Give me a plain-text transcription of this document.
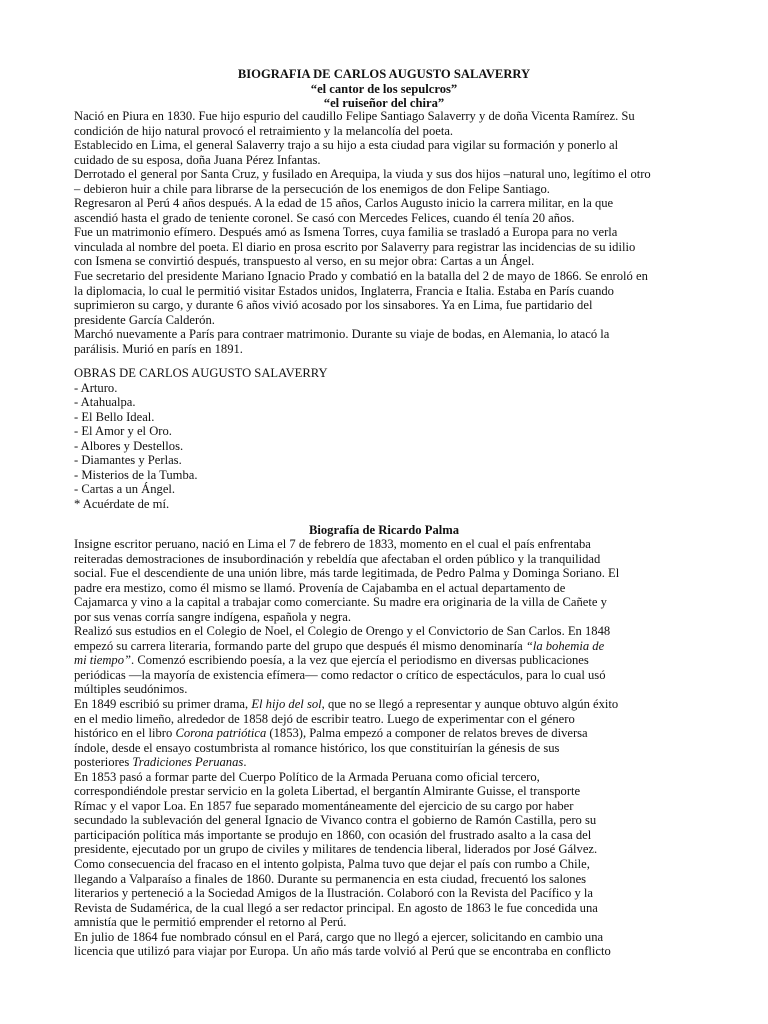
BIOGRAFIA DE CARLOS AUGUSTO SALAVERRY
“el cantor de los sepulcros”
“el ruiseñor del chira”
Nació en Piura en 1830. Fue hijo espurio del caudillo Felipe Santiago Salaverry y de doña Vicenta Ramírez. Su
condición de hijo natural provocó el retraimiento y la melancolía del poeta.
Establecido en Lima, el general Salaverry trajo a su hijo a esta ciudad para vigilar su formación y ponerlo al
cuidado de su esposa, doña Juana Pérez Infantas.
Derrotado el general por Santa Cruz, y fusilado en Arequipa, la viuda y sus dos hijos –natural uno, legítimo el otro
– debieron huir a chile para librarse de la persecución de los enemigos de don Felipe Santiago.
Regresaron al Perú 4 años después. A la edad de 15 años, Carlos Augusto inicio la carrera militar, en la que
ascendió hasta el grado de teniente coronel. Se casó con Mercedes Felices, cuando él tenía 20 años.
Fue un matrimonio efímero. Después amó as Ismena Torres, cuya familia se trasladó a Europa para no verla
vinculada al nombre del poeta. El diario en prosa escrito por Salaverry para registrar las incidencias de su idilio
con Ismena se convirtió después, transpuesto al verso, en su mejor obra: Cartas a un Ángel.
Fue secretario del presidente Mariano Ignacio Prado y combatió en la batalla del 2 de mayo de 1866. Se enroló en
la diplomacia, lo cual le permitió visitar Estados unidos, Inglaterra, Francia e Italia. Estaba en París cuando
suprimieron su cargo, y durante 6 años vivió acosado por los sinsabores. Ya en Lima, fue partidario del
presidente García Calderón.
Marchó nuevamente a París para contraer matrimonio. Durante su viaje de bodas, en Alemania, lo atacó la
parálisis. Murió en parís en 1891.
OBRAS DE CARLOS AUGUSTO SALAVERRY
- Arturo.
- Atahualpa.
- El Bello Ideal.
- El Amor y el Oro.
- Albores y Destellos.
- Diamantes y Perlas.
- Misterios de la Tumba.
- Cartas a un Ángel.
* Acuérdate de mí.
Biografía de Ricardo Palma
Insigne escritor peruano, nació en Lima el 7 de febrero de 1833, momento en el cual el país enfrentaba
reiteradas demostraciones de insubordinación y rebeldía que afectaban el orden público y la tranquilidad
social. Fue el descendiente de una unión libre, más tarde legitimada, de Pedro Palma y Dominga Soriano. El
padre era mestizo, como él mismo se llamó. Provenía de Cajabamba en el actual departamento de
Cajamarca y vino a la capital a trabajar como comerciante. Su madre era originaria de la villa de Cañete y
por sus venas corría sangre indígena, española y negra.
Realizó sus estudios en el Colegio de Noel, el Colegio de Orengo y el Convictorio de San Carlos. En 1848
empezó su carrera literaria, formando parte del grupo que después él mismo denominaría “la bohemia de
mi tiempo”. Comenzó escribiendo poesía, a la vez que ejercía el periodismo en diversas publicaciones
periódicas —la mayoría de existencia efímera— como redactor o crítico de espectáculos, para lo cual usó
múltiples seudónimos.
En 1849 escribió su primer drama, El hijo del sol, que no se llegó a representar y aunque obtuvo algún éxito
en el medio limeño, alrededor de 1858 dejó de escribir teatro. Luego de experimentar con el género
histórico en el libro Corona patriótica (1853), Palma empezó a componer de relatos breves de diversa
índole, desde el ensayo costumbrista al romance histórico, los que constituirían la génesis de sus
posteriores Tradiciones Peruanas.
En 1853 pasó a formar parte del Cuerpo Político de la Armada Peruana como oficial tercero,
correspondiéndole prestar servicio en la goleta Libertad, el bergantín Almirante Guisse, el transporte
Rímac y el vapor Loa. En 1857 fue separado momentáneamente del ejercicio de su cargo por haber
secundado la sublevación del general Ignacio de Vivanco contra el gobierno de Ramón Castilla, pero su
participación política más importante se produjo en 1860, con ocasión del frustrado asalto a la casa del
presidente, ejecutado por un grupo de civiles y militares de tendencia liberal, liderados por José Gálvez.
Como consecuencia del fracaso en el intento golpista, Palma tuvo que dejar el país con rumbo a Chile,
llegando a Valparaíso a finales de 1860. Durante su permanencia en esta ciudad, frecuentó los salones
literarios y perteneció a la Sociedad Amigos de la Ilustración. Colaboró con la Revista del Pacífico y la
Revista de Sudamérica, de la cual llegó a ser redactor principal. En agosto de 1863 le fue concedida una
amnistía que le permitió emprender el retorno al Perú.
En julio de 1864 fue nombrado cónsul en el Pará, cargo que no llegó a ejercer, solicitando en cambio una
licencia que utilizó para viajar por Europa. Un año más tarde volvió al Perú que se encontraba en conflicto
